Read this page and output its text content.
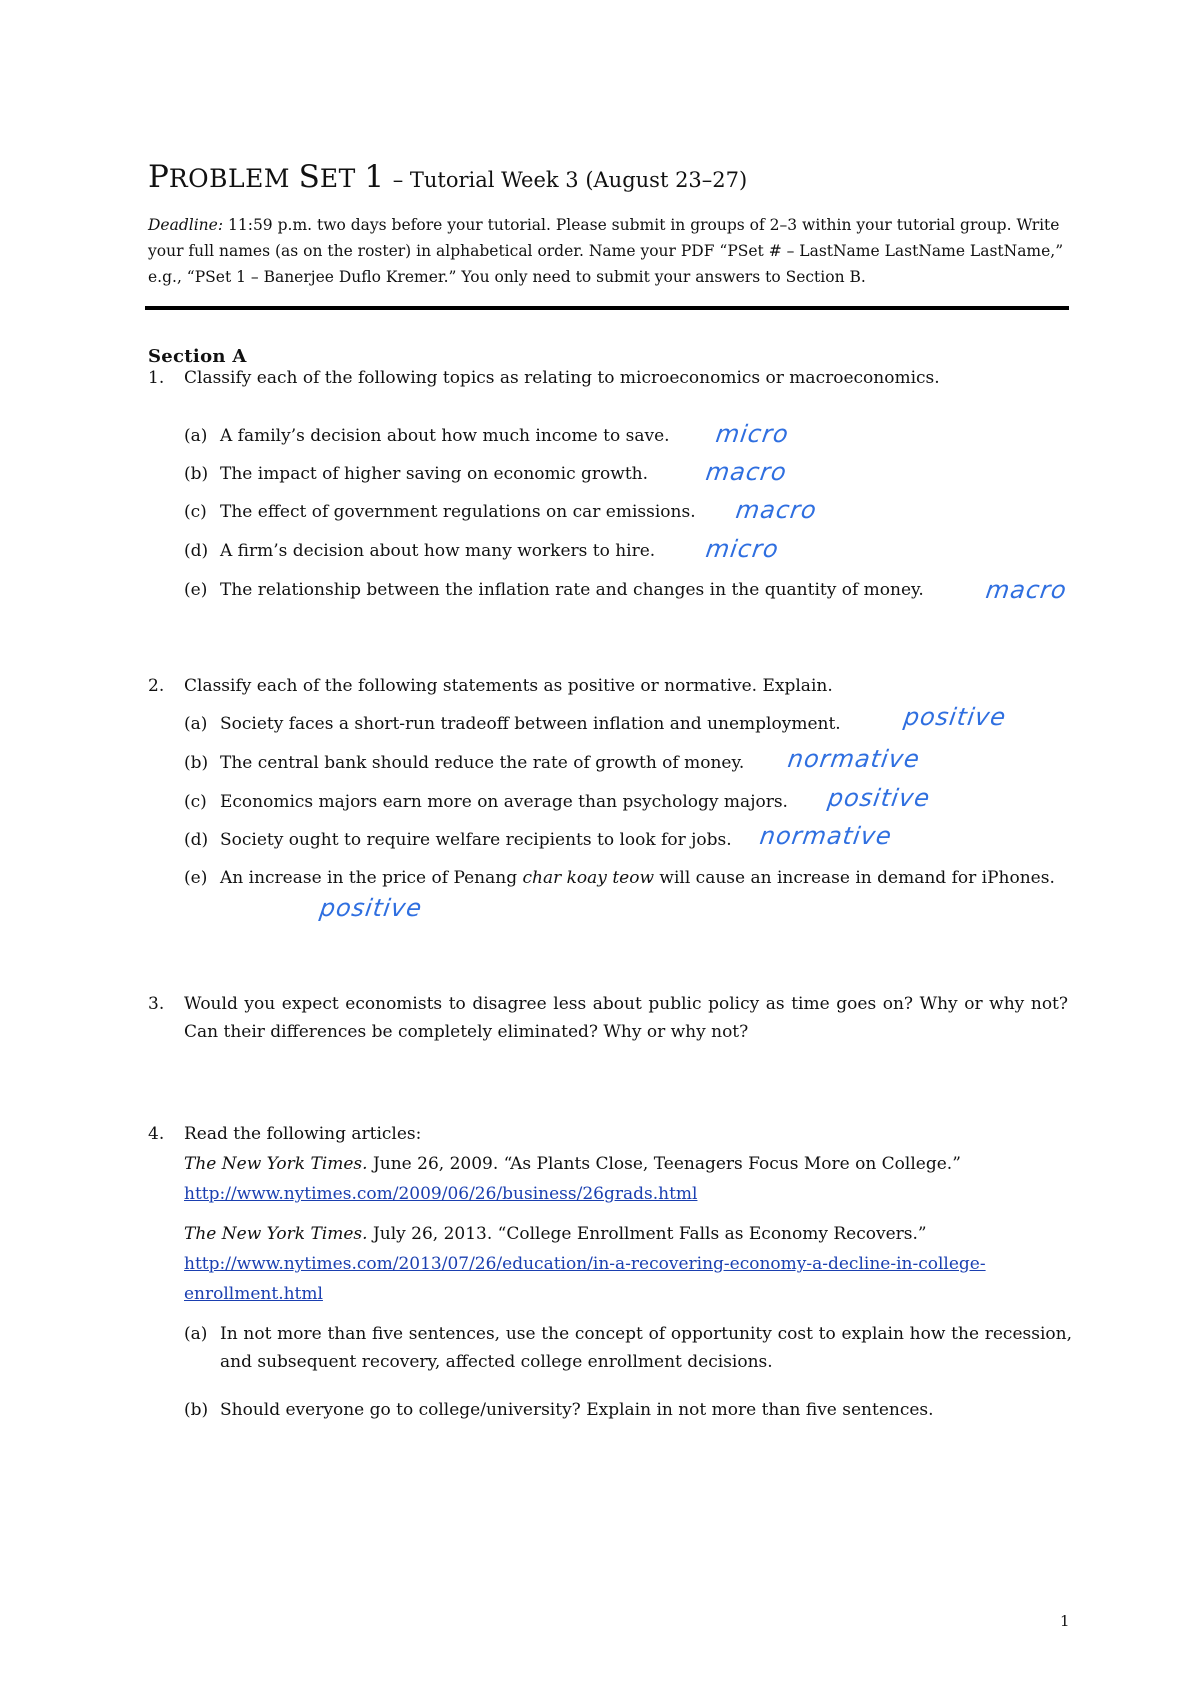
PROBLEM SET 1 – Tutorial Week 3 (August 23–27)
Deadline: 11:59 p.m. two days before your tutorial. Please submit in groups of 2–3 within your tutorial group. Write your full names (as on the roster) in alphabetical order. Name your PDF “PSet # – LastName LastName LastName,” e.g., “PSet 1 – Banerjee Duflo Kremer.” You only need to submit your answers to Section B.
Section A
1. Classify each of the following topics as relating to microeconomics or macroeconomics.
(a) A family’s decision about how much income to save. micro
(b) The impact of higher saving on economic growth. macro
(c) The effect of government regulations on car emissions. macro
(d) A firm’s decision about how many workers to hire. micro
(e) The relationship between the inflation rate and changes in the quantity of money.	macro
2. Classify each of the following statements as positive or normative. Explain.
(a) Society faces a short-run tradeoff between inflation and unemployment.	positive
(b) The central bank should reduce the rate of growth of money. normative
(c) Economics majors earn more on average than psychology majors. positive
(d) Society ought to require welfare recipients to look for jobs. normative
(e) An increase in the price of Penang char koay teow will cause an increase in demand for iPhones.
positive
3. Would you expect economists to disagree less about public policy as time goes on? Why or why not? Can their differences be completely eliminated? Why or why not?
4. Read the following articles:
The New York Times. June 26, 2009. “As Plants Close, Teenagers Focus More on College.”
http://www.nytimes.com/2009/06/26/business/26grads.html
The New York Times. July 26, 2013. “College Enrollment Falls as Economy Recovers.”
http://www.nytimes.com/2013/07/26/education/in-a-recovering-economy-a-decline-in-college-
enrollment.html
(a) In not more than five sentences, use the concept of opportunity cost to explain how the recession, and subsequent recovery, affected college enrollment decisions.
(b) Should everyone go to college/university? Explain in not more than five sentences.
1
